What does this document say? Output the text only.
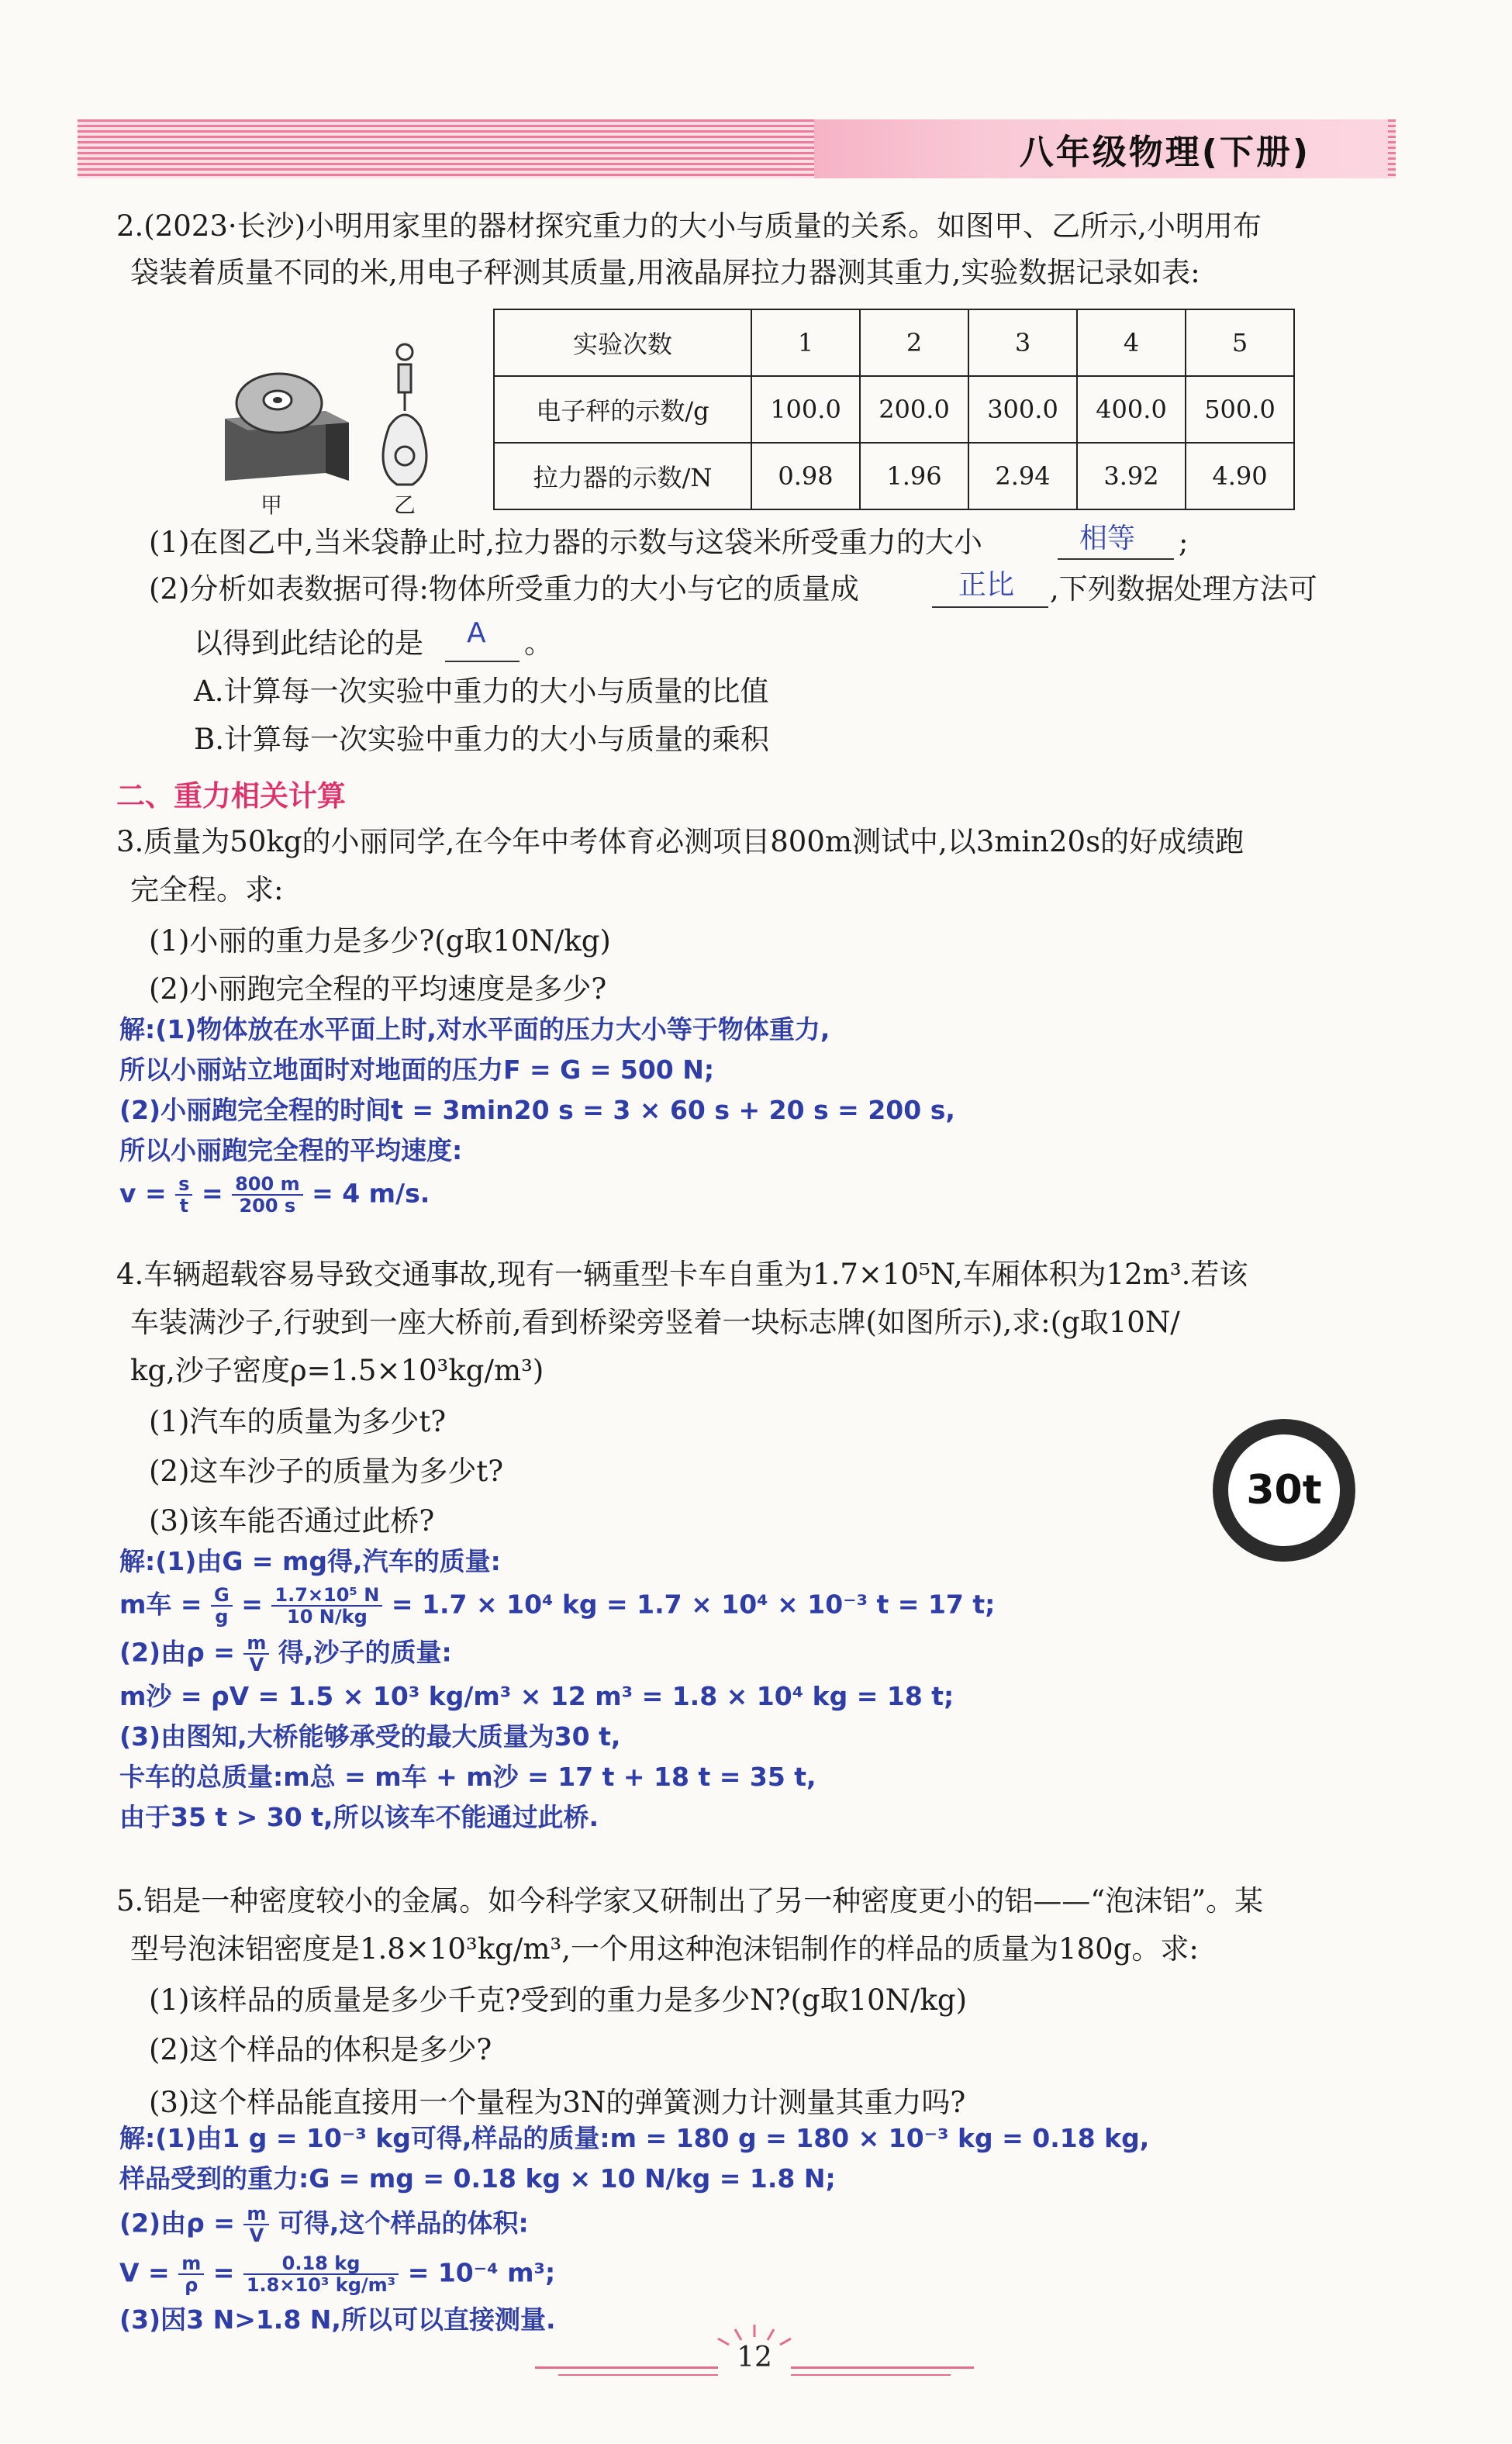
八年级物理(下册)
2.(2023·长沙)小明用家里的器材探究重力的大小与质量的关系。如图甲、乙所示,小明用布
袋装着质量不同的米,用电子秤测其质量,用液晶屏拉力器测其重力,实验数据记录如表:
甲	乙
实验次数	1	2	3	4	5
电子秤的示数/g	100.0	200.0	300.0	400.0	500.0
拉力器的示数/N	0.98	1.96	2.94	3.92	4.90
(1)在图乙中,当米袋静止时,拉力器的示数与这袋米所受重力的大小	相等 ;
(2)分析如表数据可得:物体所受重力的大小与它的质量成	正比 ,下列数据处理方法可
以得到此结论的是 A 。
A.计算每一次实验中重力的大小与质量的比值
B.计算每一次实验中重力的大小与质量的乘积
二、重力相关计算
3.质量为50kg的小丽同学,在今年中考体育必测项目800m测试中,以3min20s的好成绩跑
完全程。求:
(1)小丽的重力是多少?(g取10N/kg)
(2)小丽跑完全程的平均速度是多少?
解:(1)物体放在水平面上时,对水平面的压力大小等于物体重力,
所以小丽站立地面时对地面的压力F = G = 500 N;
(2)小丽跑完全程的时间t = 3min20 s = 3 × 60 s + 20 s = 200 s,
所以小丽跑完全程的平均速度:
$v = \frac{s}{t} = \frac{800 m}{200 s} = 4$ m/s.
4.车辆超载容易导致交通事故,现有一辆重型卡车自重为1.7×10⁵N,车厢体积为12m³.若该
车装满沙子,行驶到一座大桥前,看到桥梁旁竖着一块标志牌(如图所示),求:(g取10N/
kg,沙子密度ρ=1.5×10³kg/m³)
(1)汽车的质量为多少t?
(2)这车沙子的质量为多少t?
(3)该车能否通过此桥?
30t
解:(1)由G = mg得,汽车的质量:
m车 = $\frac{G}{g} = \frac{\text{1.7×10⁵ N}}{10 N/kg} = 1.7 \times 10^4$ kg = 1.7 × 10⁴ × 10⁻³ t = 17 t;
(2)由$\rho = \frac{m}{V}$ 得,沙子的质量:
m沙 = ρV = 1.5 × 10³ kg/m³ × 12 m³ = 1.8 × 10⁴ kg = 18 t;
(3)由图知,大桥能够承受的最大质量为30 t,
卡车的总质量:m总 = m车 + m沙 = 17 t + 18 t = 35 t,
由于35 t > 30 t,所以该车不能通过此桥.
5.铝是一种密度较小的金属。如今科学家又研制出了另一种密度更小的铝——“泡沫铝”。某
型号泡沫铝密度是1.8×10³kg/m³,一个用这种泡沫铝制作的样品的质量为180g。求:
(1)该样品的质量是多少千克?受到的重力是多少N?(g取10N/kg)
(2)这个样品的体积是多少?
(3)这个样品能直接用一个量程为3N的弹簧测力计测量其重力吗?
解:(1)由1 g = 10⁻³ kg可得,样品的质量:m = 180 g = 180 × 10⁻³ kg = 0.18 kg,
样品受到的重力:G = mg = 0.18 kg × 10 N/kg = 1.8 N;
(2)由$\rho = \frac{m}{V}$ 可得,这个样品的体积:
$V = \frac{m}{\rho} = \frac{0.18 kg}{\text{1.8×10³ kg/m³}} = 10^{-4}$ m³;
(3)因3 N>1.8 N,所以可以直接测量.
12
